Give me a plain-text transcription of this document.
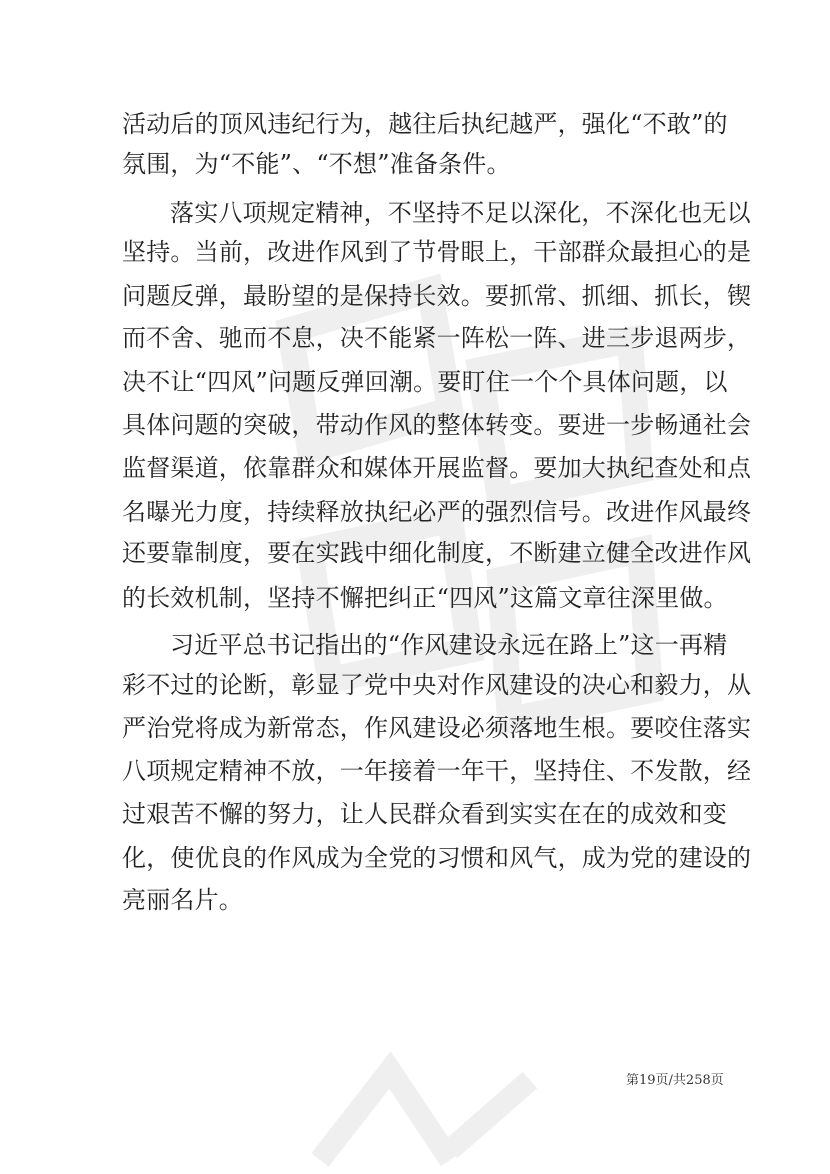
活动后的顶风违纪行为，越往后执纪越严，强化“不敢”的
氛围，为“不能”、“不想”准备条件。
落实八项规定精神，不坚持不足以深化，不深化也无以
坚持。当前，改进作风到了节骨眼上，干部群众最担心的是
问题反弹，最盼望的是保持长效。要抓常、抓细、抓长，锲
而不舍、驰而不息，决不能紧一阵松一阵、进三步退两步，
决不让“四风”问题反弹回潮。要盯住一个个具体问题，以
具体问题的突破，带动作风的整体转变。要进一步畅通社会
监督渠道，依靠群众和媒体开展监督。要加大执纪查处和点
名曝光力度，持续释放执纪必严的强烈信号。改进作风最终
还要靠制度，要在实践中细化制度，不断建立健全改进作风
的长效机制，坚持不懈把纠正“四风”这篇文章往深里做。
习近平总书记指出的“作风建设永远在路上”这一再精
彩不过的论断，彰显了党中央对作风建设的决心和毅力，从
严治党将成为新常态，作风建设必须落地生根。要咬住落实
八项规定精神不放，一年接着一年干，坚持住、不发散，经
过艰苦不懈的努力，让人民群众看到实实在在的成效和变
化，使优良的作风成为全党的习惯和风气，成为党的建设的
亮丽名片。
第19页/共258页
